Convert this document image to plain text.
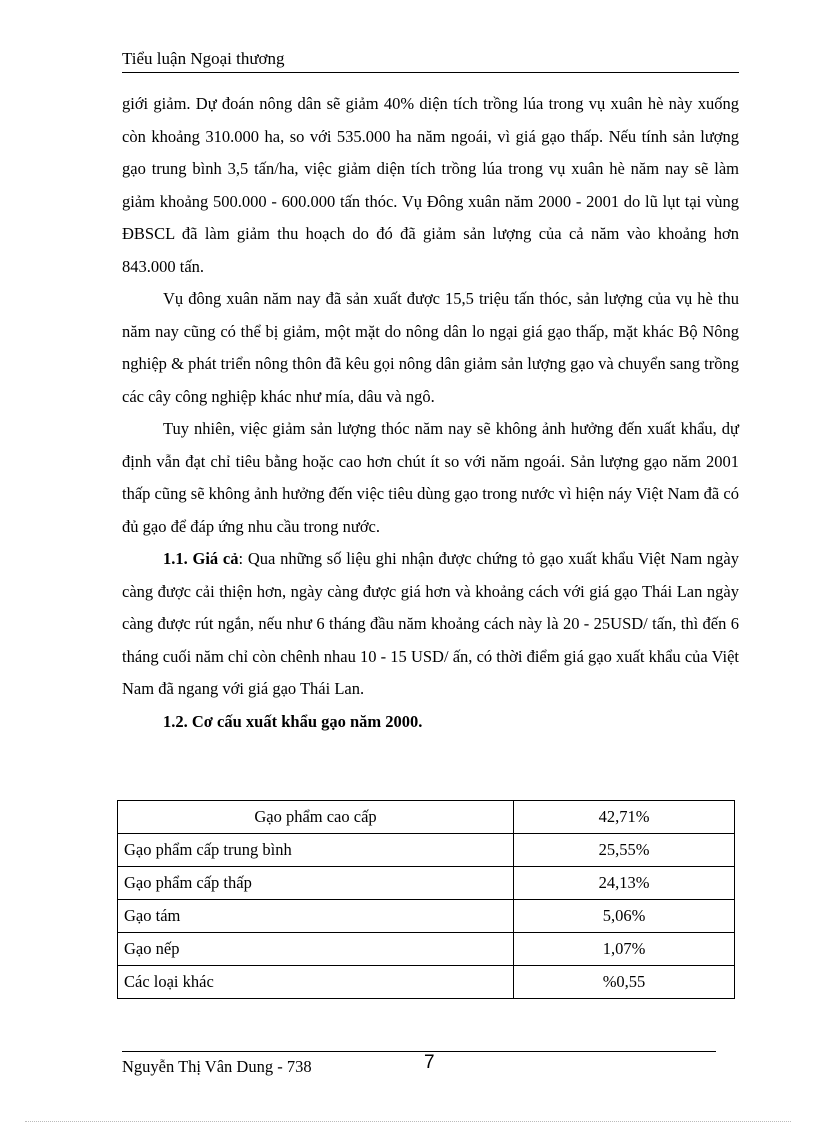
Tiểu luận Ngoại thương

giới giảm. Dự đoán nông dân sẽ giảm 40% diện tích trồng lúa trong vụ xuân hè này xuống còn khoảng 310.000 ha, so với 535.000 ha năm ngoái, vì giá gạo thấp. Nếu tính sản lượng gạo trung bình 3,5 tấn/ha, việc giảm diện tích trồng lúa trong vụ xuân hè năm nay sẽ làm giảm khoảng 500.000 - 600.000 tấn thóc. Vụ Đông xuân năm 2000 - 2001 do lũ lụt tại vùng ĐBSCL đã làm giảm thu hoạch do đó đã giảm sản lượng của cả năm vào khoảng hơn 843.000 tấn.

Vụ đông xuân năm nay đã sản xuất được 15,5 triệu tấn thóc, sản lượng của vụ hè thu năm nay cũng có thể bị giảm, một mặt do nông dân lo ngại giá gạo thấp, mặt khác Bộ Nông nghiệp & phát triển nông thôn đã kêu gọi nông dân giảm sản lượng gạo và chuyển sang trồng các cây công nghiệp khác như mía, dâu và ngô.

Tuy nhiên, việc giảm sản lượng thóc năm nay sẽ không ảnh hưởng đến xuất khẩu, dự định vẫn đạt chỉ tiêu bằng hoặc cao hơn chút ít so với năm ngoái. Sản lượng gạo năm 2001 thấp cũng sẽ không ảnh hưởng đến việc tiêu dùng gạo trong nước vì hiện náy Việt Nam đã có đủ gạo để đáp ứng nhu cầu trong nước.

1.1. Giá cả: Qua những số liệu ghi nhận được chứng tỏ gạo xuất khẩu Việt Nam ngày càng được cải thiện hơn, ngày càng được giá hơn và khoảng cách với giá gạo Thái Lan ngày càng được rút ngắn, nếu như 6 tháng đầu năm khoảng cách này là 20 - 25USD/ tấn, thì đến 6 tháng cuối năm chỉ còn chênh nhau 10 - 15 USD/ ấn, có thời điểm giá gạo xuất khẩu của Việt Nam đã ngang với giá gạo Thái Lan.

1.2. Cơ cấu xuất khẩu gạo năm 2000.

Gạo phẩm cao cấp	42,71%
Gạo phẩm cấp trung bình	25,55%
Gạo phẩm cấp thấp	24,13%
Gạo tám	5,06%
Gạo nếp	1,07%
Các loại khác	%0,55
Nguyễn Thị Vân Dung - 738	7
